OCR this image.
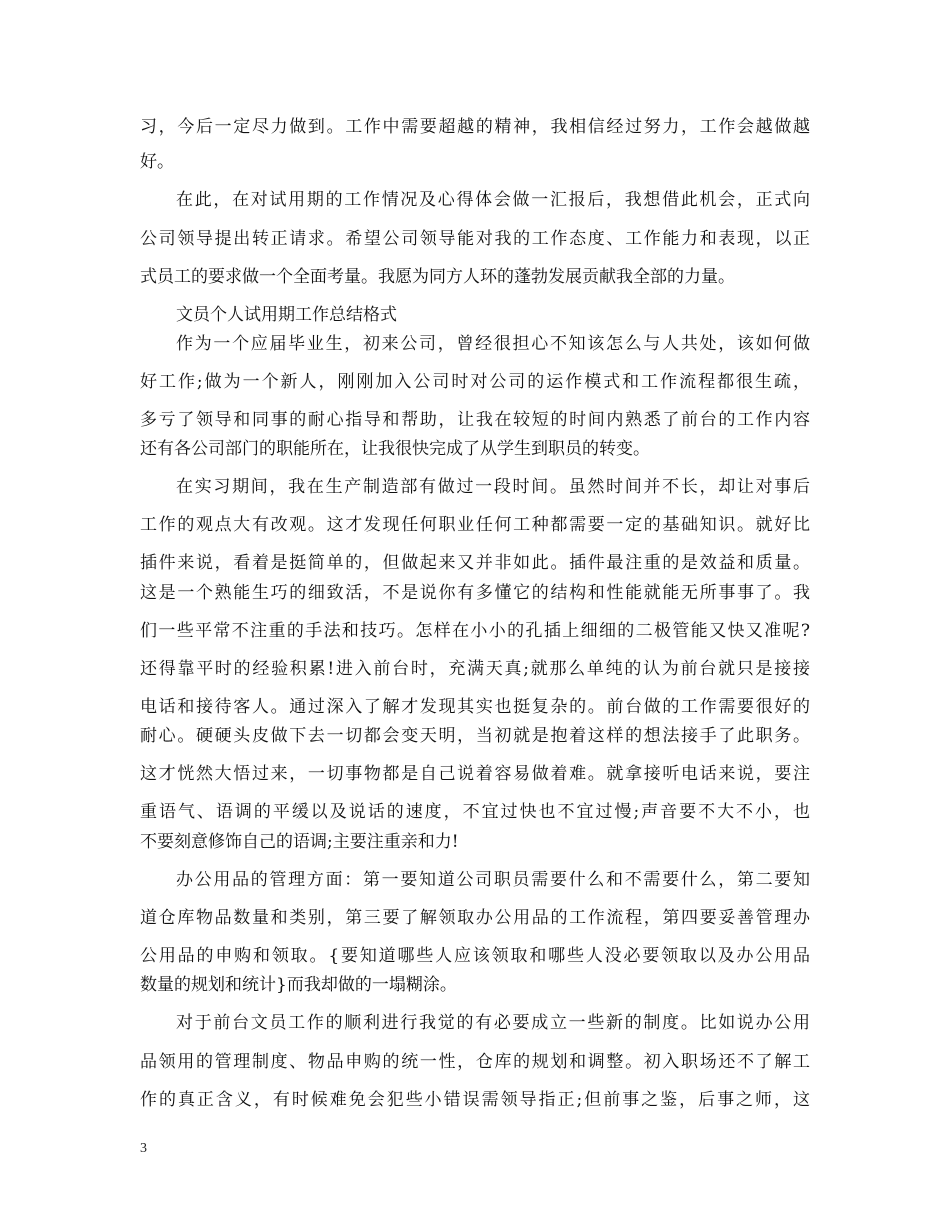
习，今后一定尽力做到。工作中需要超越的精神，我相信经过努力，工作会越做越
好。
在此，在对试用期的工作情况及心得体会做一汇报后，我想借此机会，正式向
公司领导提出转正请求。希望公司领导能对我的工作态度、工作能力和表现，以正
式员工的要求做一个全面考量。我愿为同方人环的蓬勃发展贡献我全部的力量。
文员个人试用期工作总结格式
作为一个应届毕业生，初来公司，曾经很担心不知该怎么与人共处，该如何做
好工作;做为一个新人，刚刚加入公司时对公司的运作模式和工作流程都很生疏，
多亏了领导和同事的耐心指导和帮助，让我在较短的时间内熟悉了前台的工作内容
还有各公司部门的职能所在，让我很快完成了从学生到职员的转变。
在实习期间，我在生产制造部有做过一段时间。虽然时间并不长，却让对事后
工作的观点大有改观。这才发现任何职业任何工种都需要一定的基础知识。就好比
插件来说，看着是挺简单的，但做起来又并非如此。插件最注重的是效益和质量。
这是一个熟能生巧的细致活，不是说你有多懂它的结构和性能就能无所事事了。我
们一些平常不注重的手法和技巧。怎样在小小的孔插上细细的二极管能又快又准呢?
还得靠平时的经验积累!进入前台时，充满天真;就那么单纯的认为前台就只是接接
电话和接待客人。通过深入了解才发现其实也挺复杂的。前台做的工作需要很好的
耐心。硬硬头皮做下去一切都会变天明，当初就是抱着这样的想法接手了此职务。
这才恍然大悟过来，一切事物都是自己说着容易做着难。就拿接听电话来说，要注
重语气、语调的平缓以及说话的速度，不宜过快也不宜过慢;声音要不大不小，也
不要刻意修饰自己的语调;主要注重亲和力!
办公用品的管理方面：第一要知道公司职员需要什么和不需要什么，第二要知
道仓库物品数量和类别，第三要了解领取办公用品的工作流程，第四要妥善管理办
公用品的申购和领取。{要知道哪些人应该领取和哪些人没必要领取以及办公用品
数量的规划和统计}而我却做的一塌糊涂。
对于前台文员工作的顺利进行我觉的有必要成立一些新的制度。比如说办公用
品领用的管理制度、物品申购的统一性，仓库的规划和调整。初入职场还不了解工
作的真正含义，有时候难免会犯些小错误需领导指正;但前事之鉴，后事之师，这
3
